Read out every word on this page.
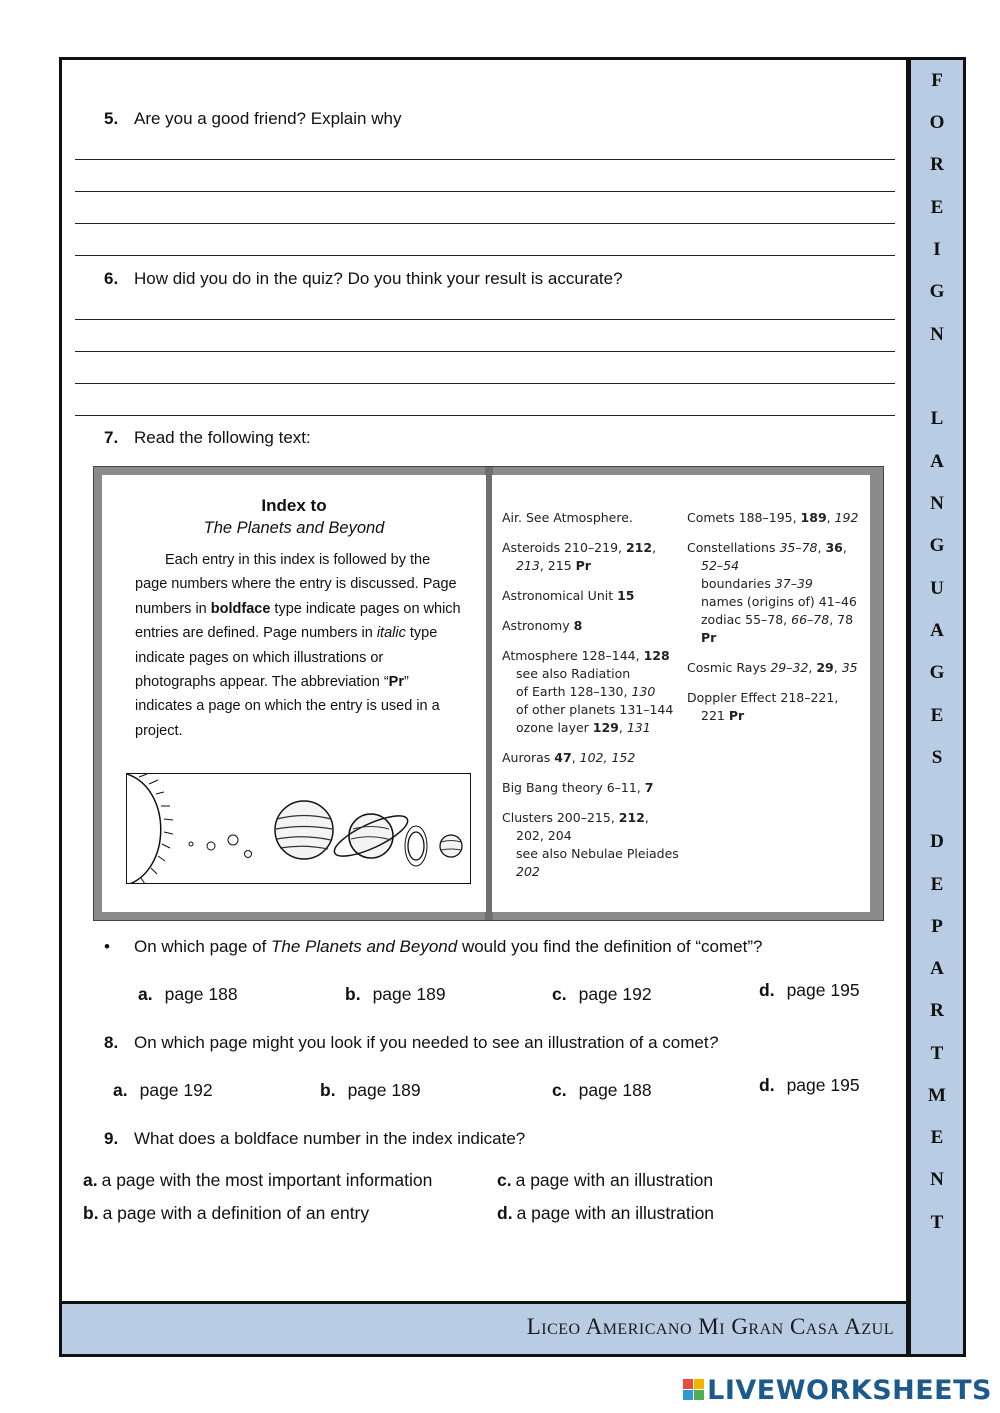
F
O
R
E
I
G
N
L
A
N
G
U
A
G
E
S
D
E
P
A
R
T
M
E
N
T
Liceo Americano Mi Gran Casa Azul
5. Are you a good friend? Explain why
6. How did you do in the quiz? Do you think your result is accurate?
7. Read the following text:
Index to
The Planets and Beyond
Each entry in this index is followed by the page numbers where the entry is discussed. Page numbers in boldface type indicate pages on which entries are defined. Page numbers in italic type indicate pages on which illustrations or photographs appear. The abbreviation “Pr” indicates a page on which the entry is used in a project.
Air. See Atmosphere.
Asteroids 210–219, 212,
213, 215 Pr
Astronomical Unit 15
Astronomy 8
Atmosphere 128–144, 128
see also Radiation
of Earth 128–130, 130
of other planets 131–144
ozone layer 129, 131
Auroras 47, 102, 152
Big Bang theory 6–11, 7
Clusters 200–215, 212,
202, 204
see also Nebulae Pleiades
202
Comets 188–195, 189, 192
Constellations 35–78, 36,
52–54
boundaries 37–39
names (origins of) 41–46
zodiac 55–78, 66–78, 78
Pr
Cosmic Rays 29–32, 29, 35
Doppler Effect 218–221,
221 Pr
• On which page of The Planets and Beyond would you find the definition of “comet”?
a. page 188	b. page 189	c. page 192	d. page 195
8. On which page might you look if you needed to see an illustration of a comet?
a. page 192	b. page 189	c. page 188	d. page 195
9. What does a boldface number in the index indicate?
a. a page with the most important information	c. a page with an illustration
b. a page with a definition of an entry	d. a page with an illustration
LIVEWORKSHEETS
